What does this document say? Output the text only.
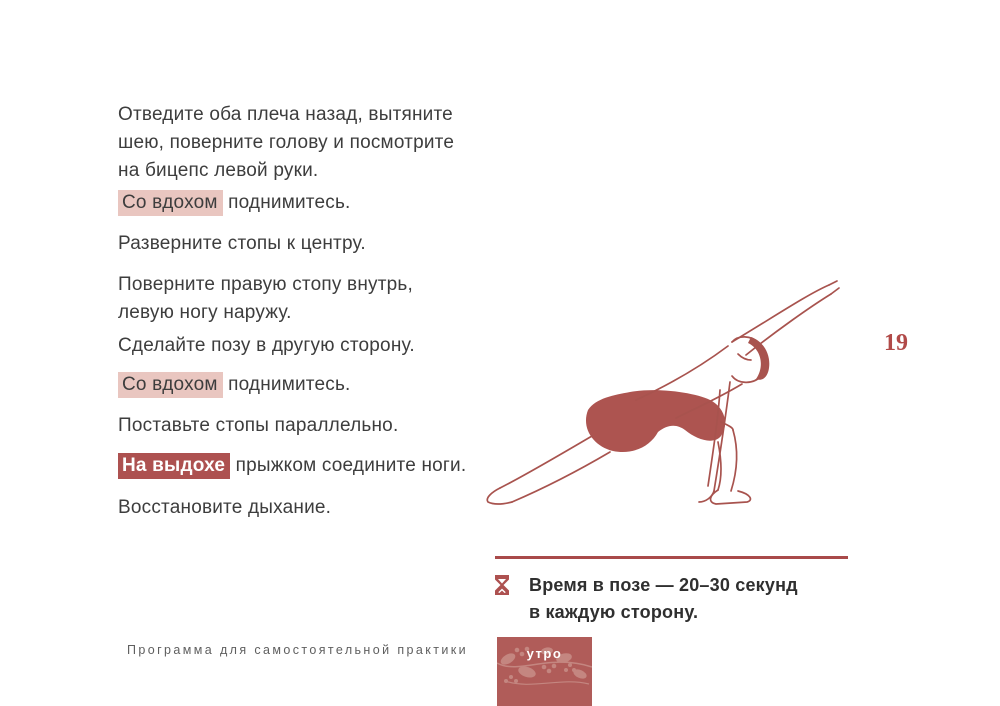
Отведите оба плеча назад, вытяните
шею, поверните голову и посмотрите
на бицепс левой руки.

Со вдохом поднимитесь.

Разверните стопы к центру.

Поверните правую стопу внутрь,
левую ногу наружу.

Сделайте позу в другую сторону.

Со вдохом поднимитесь.

Поставьте стопы параллельно.

На выдохе прыжком соедините ноги.

Восстановите дыхание.

19

Время в позе — 20–30 секунд
в каждую сторону.

Программа для самостоятельной практики	утро
